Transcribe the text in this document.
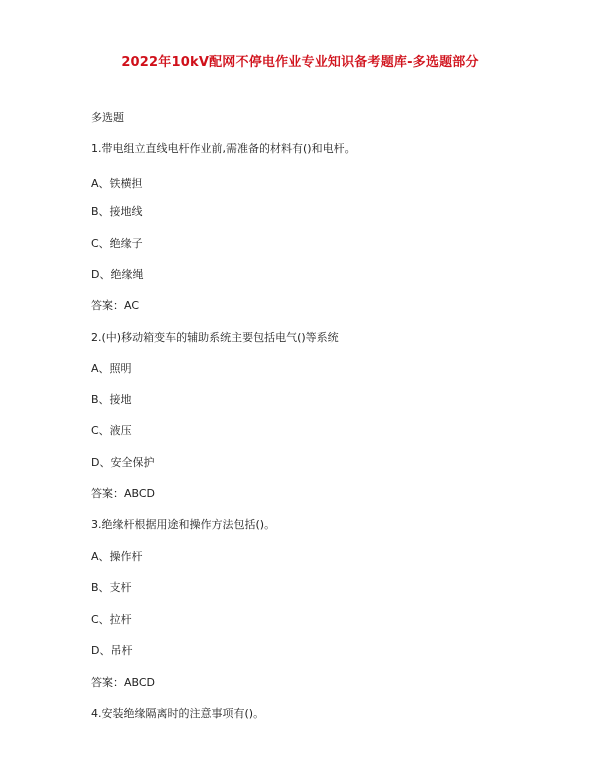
2022年10kV配网不停电作业专业知识备考题库-多选题部分
多选题
1.带电组立直线电杆作业前,需准备的材料有()和电杆。
A、铁横担
B、接地线
C、绝缘子
D、绝缘绳
答案：AC
2.(中)移动箱变车的辅助系统主要包括电气()等系统
A、照明
B、接地
C、液压
D、安全保护
答案：ABCD
3.绝缘杆根据用途和操作方法包括()。
A、操作杆
B、支杆
C、拉杆
D、吊杆
答案：ABCD
4.安装绝缘隔离时的注意事项有()。
